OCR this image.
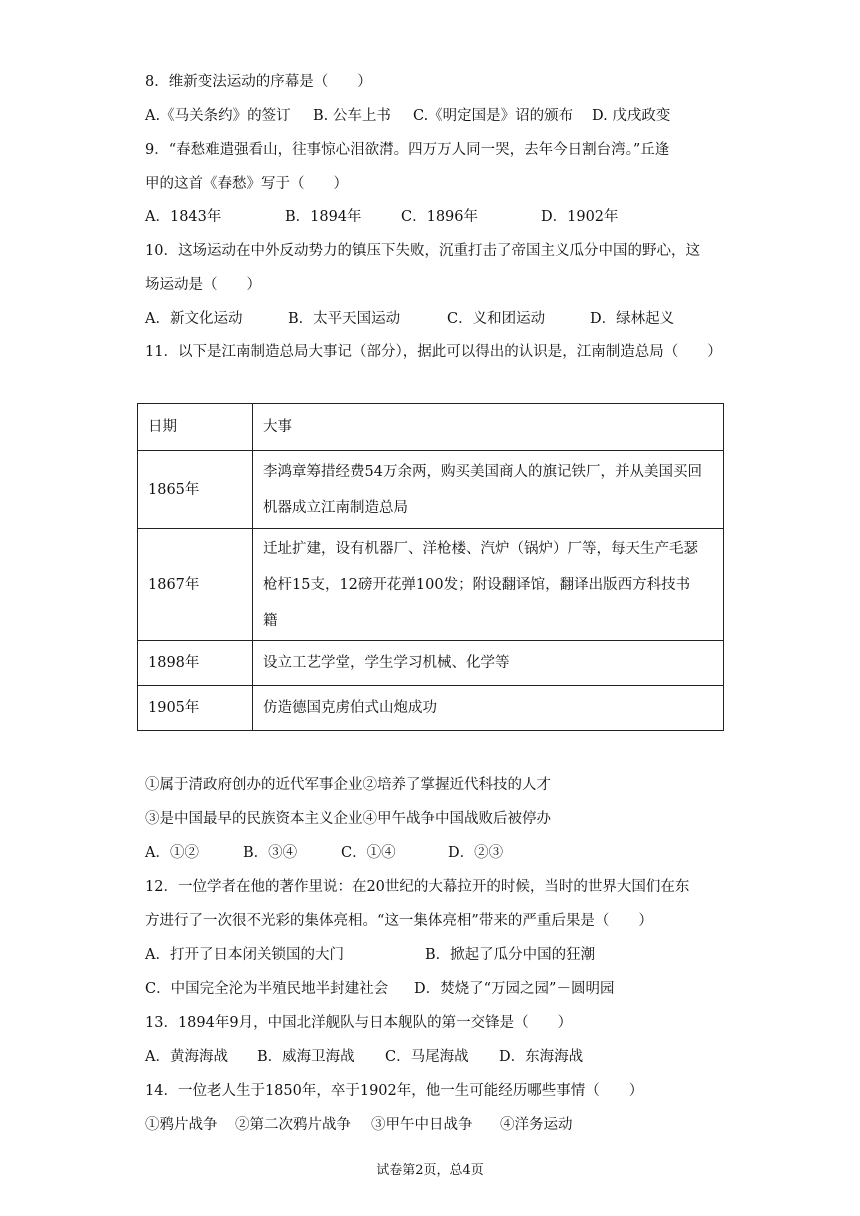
8．维新变法运动的序幕是（　　）
A.《马关条约》的签订 B. 公车上书 C.《明定国是》诏的颁布 D. 戊戌政变
9．“春愁难遣强看山，往事惊心泪欲潸。四万万人同一哭，去年今日割台湾。”丘逢
甲的这首《春愁》写于（　　）
A．1843年	B．1894年	C．1896年	D．1902年
10．这场运动在中外反动势力的镇压下失败，沉重打击了帝国主义瓜分中国的野心，这
场运动是（　　）
A．新文化运动	B．太平天国运动	C．义和团运动	D．绿林起义
11．以下是江南制造总局大事记（部分），据此可以得出的认识是，江南制造总局（　　）
日期	大事
1865年	李鸿章筹措经费54万余两，购买美国商人的旗记铁厂，并从美国买回
机器成立江南制造总局

1867年	迁址扩建，设有机器厂、洋枪楼、汽炉（锅炉）厂等，每天生产毛瑟
枪杆15支，12磅开花弹100发；附设翻译馆，翻译出版西方科技书
籍

1898年	设立工艺学堂，学生学习机械、化学等

1905年	仿造德国克虏伯式山炮成功
①属于清政府创办的近代军事企业②培养了掌握近代科技的人才
③是中国最早的民族资本主义企业④甲午战争中国战败后被停办
A．①②	B．③④	C．①④	D．②③
12．一位学者在他的著作里说：在20世纪的大幕拉开的时候，当时的世界大国们在东
方进行了一次很不光彩的集体亮相。“这一集体亮相”带来的严重后果是（　　）
A．打开了日本闭关锁国的大门	B．掀起了瓜分中国的狂潮
C．中国完全沦为半殖民地半封建社会 D．焚烧了“万园之园”－圆明园
13．1894年9月，中国北洋舰队与日本舰队的第一交锋是（　　）
A．黄海海战 B．威海卫海战 C．马尾海战 D．东海海战
14．一位老人生于1850年，卒于1902年，他一生可能经历哪些事情（　　）
①鸦片战争 ②第二次鸦片战争 ③甲午中日战争 ④洋务运动
试卷第2页，总4页
